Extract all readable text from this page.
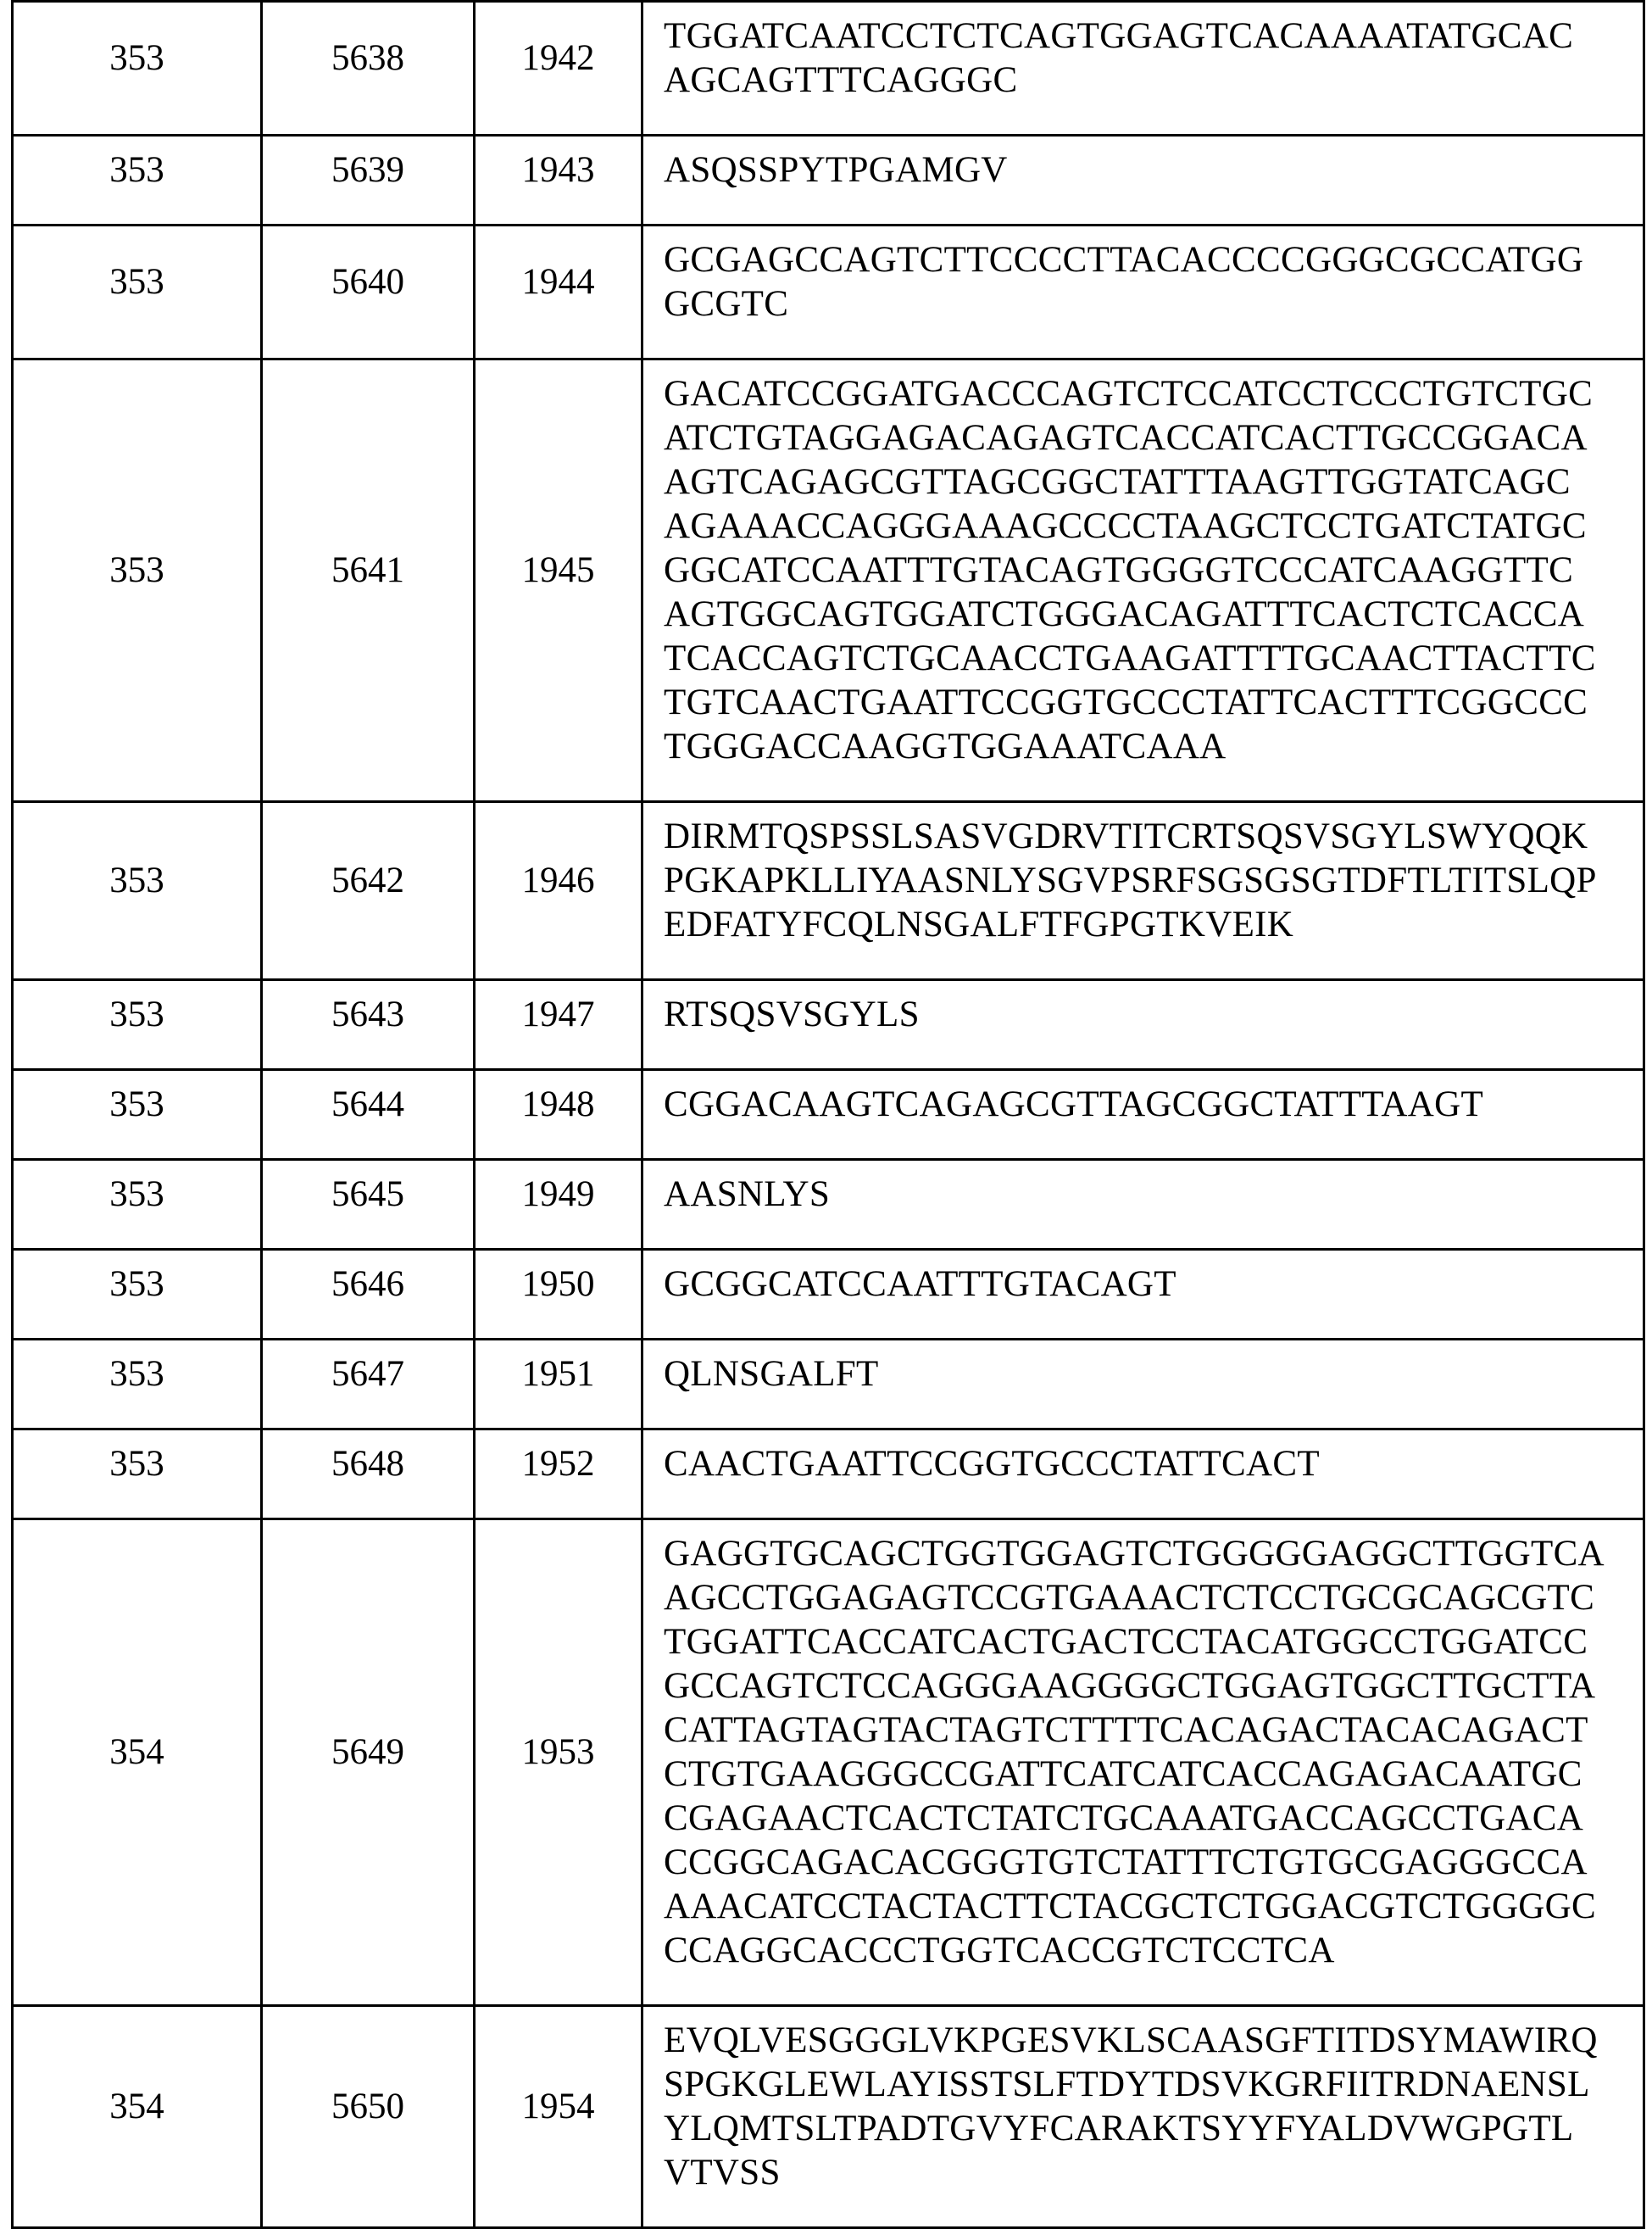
353	5638	1942	TGGATCAATCCTCTCAGTGGAGTCACAAAATATGCAC
AGCAGTTTCAGGGC
353	5639	1943	ASQSSPYTPGAMGV
353	5640	1944	GCGAGCCAGTCTTCCCCTTACACCCCGGGCGCCATGG
GCGTC
353	5641	1945	GACATCCGGATGACCCAGTCTCCATCCTCCCTGTCTGC
ATCTGTAGGAGACAGAGTCACCATCACTTGCCGGACA
AGTCAGAGCGTTAGCGGCTATTTAAGTTGGTATCAGC
AGAAACCAGGGAAAGCCCCTAAGCTCCTGATCTATGC
GGCATCCAATTTGTACAGTGGGGTCCCATCAAGGTTC
AGTGGCAGTGGATCTGGGACAGATTTCACTCTCACCA
TCACCAGTCTGCAACCTGAAGATTTTGCAACTTACTTC
TGTCAACTGAATTCCGGTGCCCTATTCACTTTCGGCCC
TGGGACCAAGGTGGAAATCAAA
353	5642	1946	DIRMTQSPSSLSASVGDRVTITCRTSQSVSGYLSWYQQK
PGKAPKLLIYAASNLYSGVPSRFSGSGSGTDFTLTITSLQP
EDFATYFCQLNSGALFTFGPGTKVEIK
353	5643	1947	RTSQSVSGYLS
353	5644	1948	CGGACAAGTCAGAGCGTTAGCGGCTATTTAAGT
353	5645	1949	AASNLYS
353	5646	1950	GCGGCATCCAATTTGTACAGT
353	5647	1951	QLNSGALFT
353	5648	1952	CAACTGAATTCCGGTGCCCTATTCACT
354	5649	1953	GAGGTGCAGCTGGTGGAGTCTGGGGGAGGCTTGGTCA
AGCCTGGAGAGTCCGTGAAACTCTCCTGCGCAGCGTC
TGGATTCACCATCACTGACTCCTACATGGCCTGGATCC
GCCAGTCTCCAGGGAAGGGGCTGGAGTGGCTTGCTTA
CATTAGTAGTACTAGTCTTTTCACAGACTACACAGACT
CTGTGAAGGGCCGATTCATCATCACCAGAGACAATGC
CGAGAACTCACTCTATCTGCAAATGACCAGCCTGACA
CCGGCAGACACGGGTGTCTATTTCTGTGCGAGGGCCA
AAACATCCTACTACTTCTACGCTCTGGACGTCTGGGGC
CCAGGCACCCTGGTCACCGTCTCCTCA
354	5650	1954	EVQLVESGGGLVKPGESVKLSCAASGFTITDSYMAWIRQ
SPGKGLEWLAYISSTSLFTDYTDSVKGRFIITRDNAENSL
YLQMTSLTPADTGVYFCARAKTSYYFYALDVWGPGTL
VTVSS
